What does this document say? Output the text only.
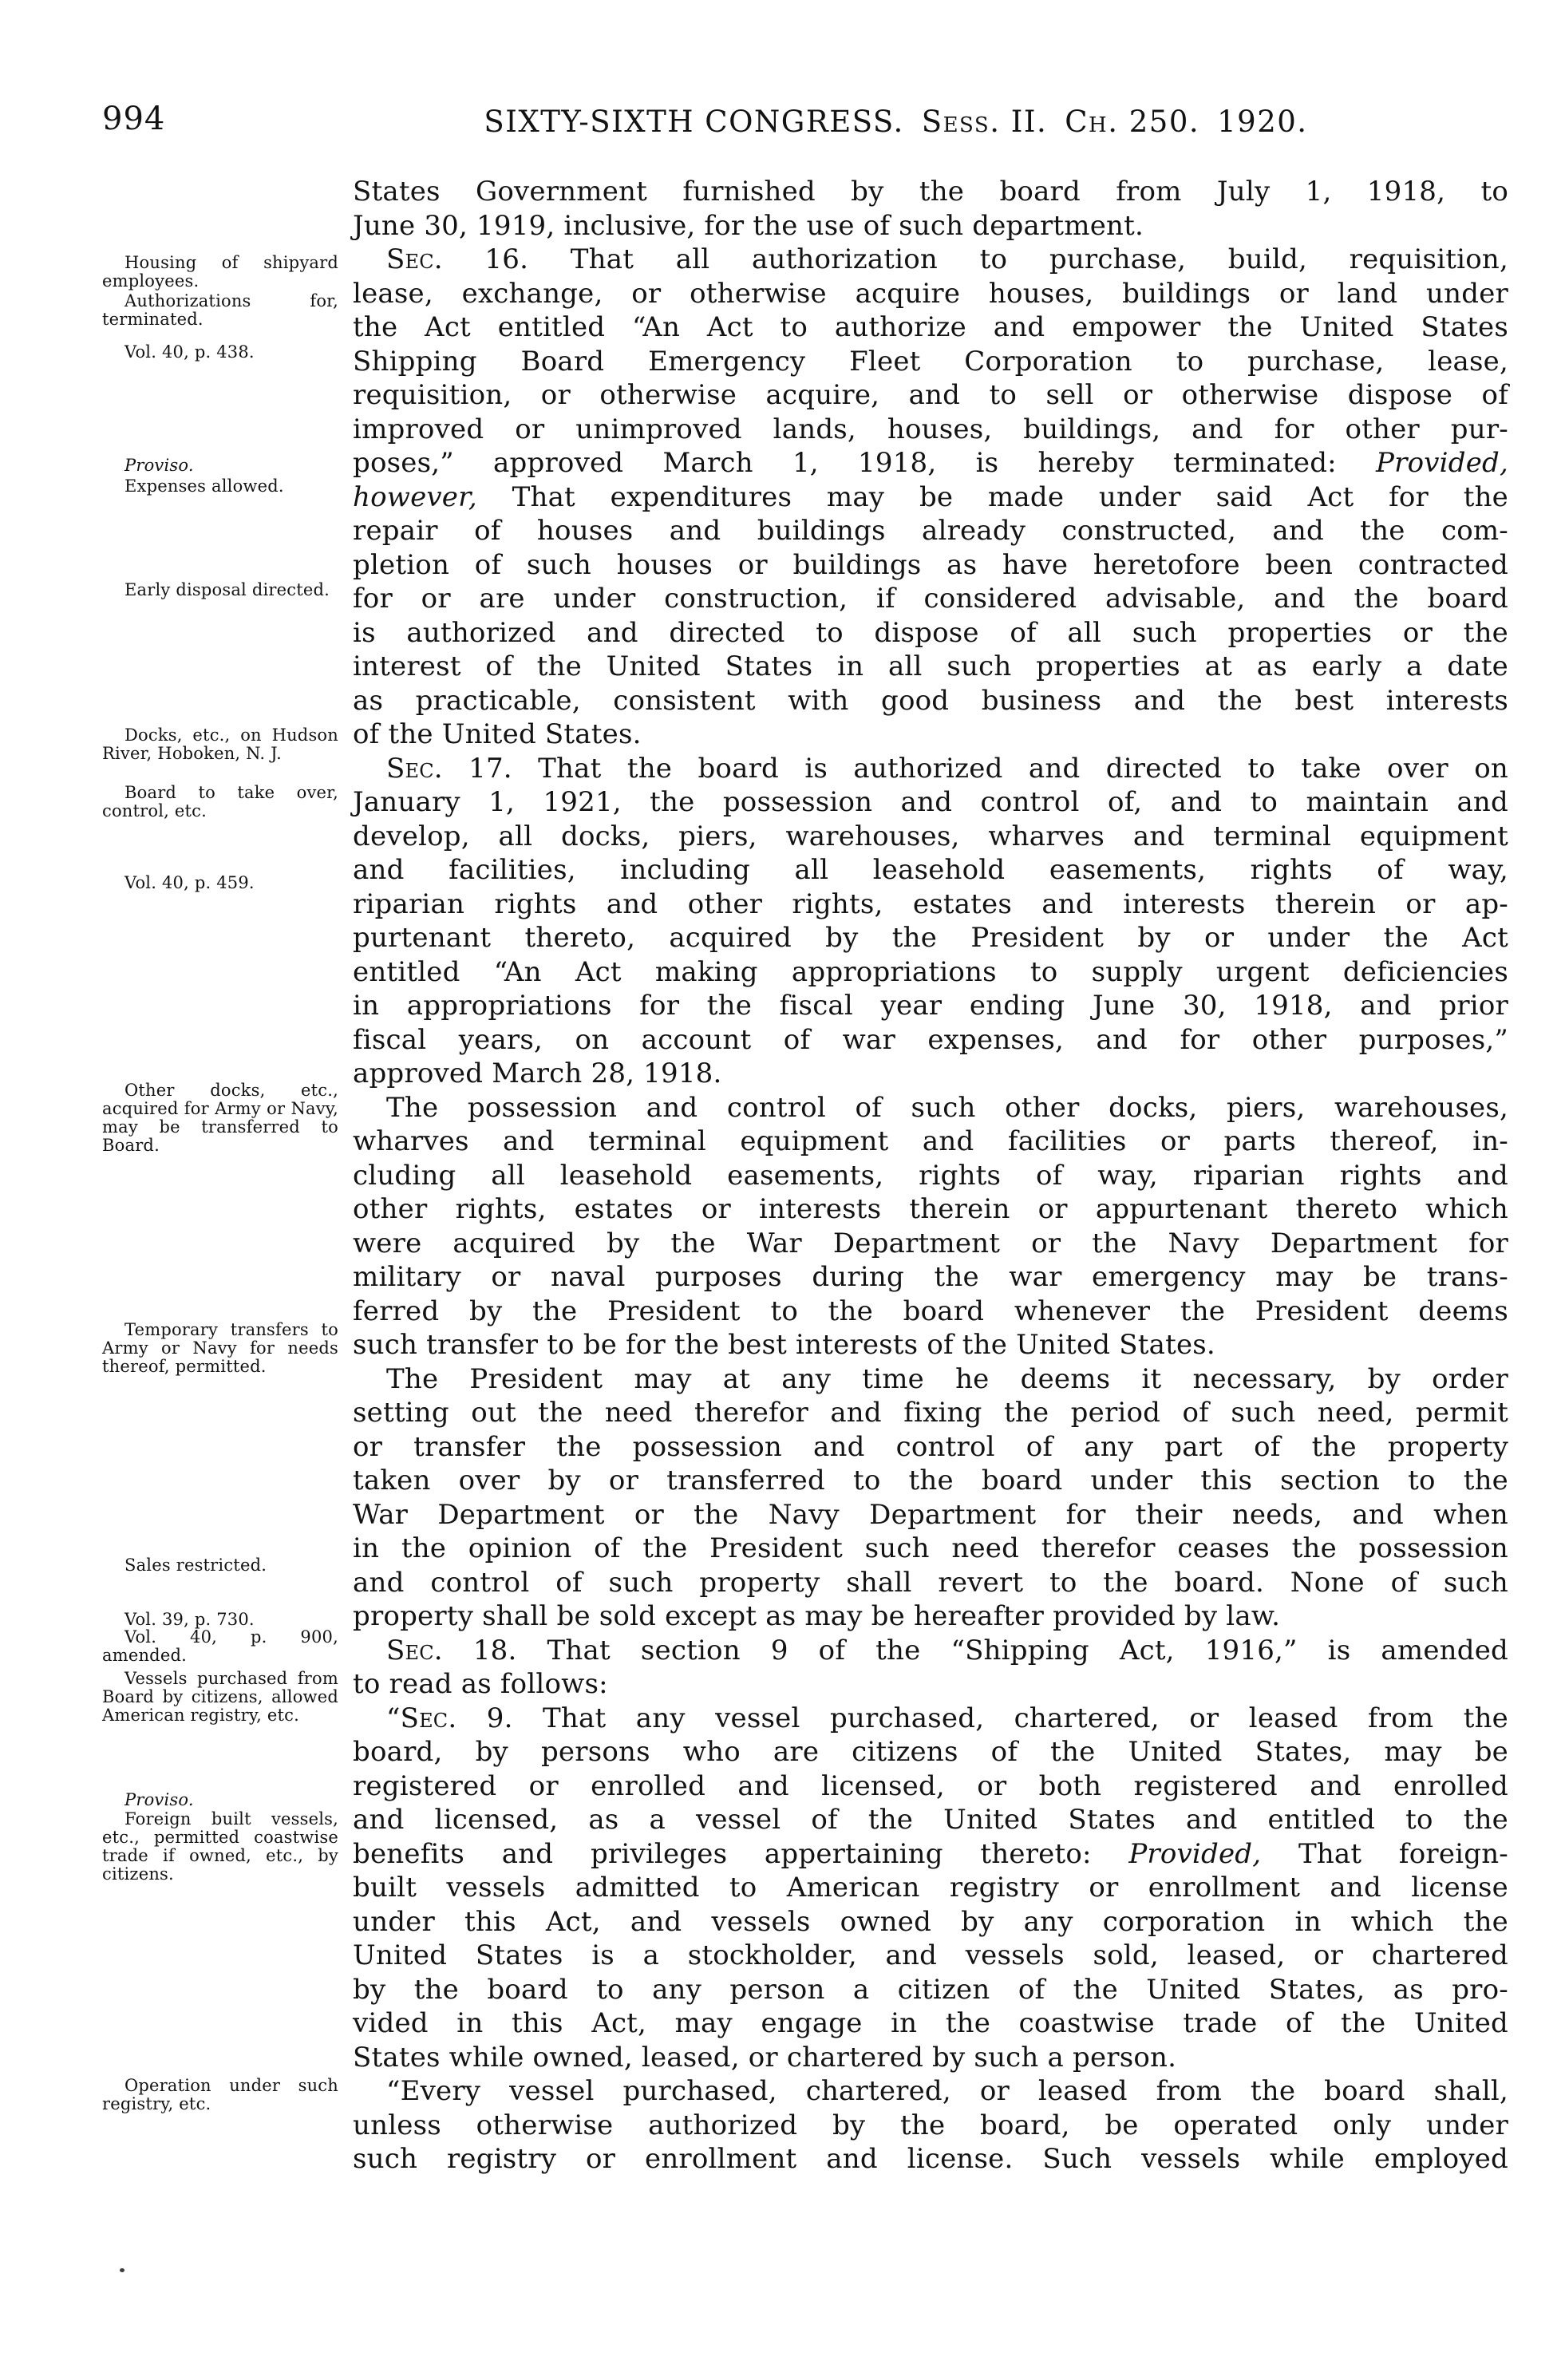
994	SIXTY-SIXTH CONGRESS. Sess. II. Ch. 250. 1920.
Housing of shipyard employees.
Authorizations for, terminated.
Vol. 40, p. 438.
Proviso.
Expenses allowed.
Early disposal directed.
Docks, etc., on Hudson River, Hoboken, N. J.
Board to take over, control, etc.
Vol. 40, p. 459.
Other docks, etc., acquired for Army or Navy, may be transferred to Board.
Temporary transfers to Army or Navy for needs thereof, permitted.
Sales restricted.
Vol. 39, p. 730.
Vol. 40, p. 900, amended.
Vessels purchased from Board by citizens, allowed American registry, etc.
Proviso.
Foreign built vessels, etc., permitted coastwise trade if owned, etc., by citizens.
Operation under such registry, etc.
States Government furnished by the board from July 1, 1918, to
June 30, 1919, inclusive, for the use of such department.
Sec. 16. That all authorization to purchase, build, requisition,
lease, exchange, or otherwise acquire houses, buildings or land under
the Act entitled “An Act to authorize and empower the United States
Shipping Board Emergency Fleet Corporation to purchase, lease,
requisition, or otherwise acquire, and to sell or otherwise dispose of
improved or unimproved lands, houses, buildings, and for other pur-
poses,” approved March 1, 1918, is hereby terminated: Provided,
however, That expenditures may be made under said Act for the
repair of houses and buildings already constructed, and the com-
pletion of such houses or buildings as have heretofore been contracted
for or are under construction, if considered advisable, and the board
is authorized and directed to dispose of all such properties or the
interest of the United States in all such properties at as early a date
as practicable, consistent with good business and the best interests
of the United States.
Sec. 17. That the board is authorized and directed to take over on
January 1, 1921, the possession and control of, and to maintain and
develop, all docks, piers, warehouses, wharves and terminal equipment
and facilities, including all leasehold easements, rights of way,
riparian rights and other rights, estates and interests therein or ap-
purtenant thereto, acquired by the President by or under the Act
entitled “An Act making appropriations to supply urgent deficiencies
in appropriations for the fiscal year ending June 30, 1918, and prior
fiscal years, on account of war expenses, and for other purposes,”
approved March 28, 1918.
The possession and control of such other docks, piers, warehouses,
wharves and terminal equipment and facilities or parts thereof, in-
cluding all leasehold easements, rights of way, riparian rights and
other rights, estates or interests therein or appurtenant thereto which
were acquired by the War Department or the Navy Department for
military or naval purposes during the war emergency may be trans-
ferred by the President to the board whenever the President deems
such transfer to be for the best interests of the United States.
The President may at any time he deems it necessary, by order
setting out the need therefor and fixing the period of such need, permit
or transfer the possession and control of any part of the property
taken over by or transferred to the board under this section to the
War Department or the Navy Department for their needs, and when
in the opinion of the President such need therefor ceases the possession
and control of such property shall revert to the board. None of such
property shall be sold except as may be hereafter provided by law.
Sec. 18. That section 9 of the “Shipping Act, 1916,” is amended
to read as follows:
“Sec. 9. That any vessel purchased, chartered, or leased from the
board, by persons who are citizens of the United States, may be
registered or enrolled and licensed, or both registered and enrolled
and licensed, as a vessel of the United States and entitled to the
benefits and privileges appertaining thereto: Provided, That foreign-
built vessels admitted to American registry or enrollment and license
under this Act, and vessels owned by any corporation in which the
United States is a stockholder, and vessels sold, leased, or chartered
by the board to any person a citizen of the United States, as pro-
vided in this Act, may engage in the coastwise trade of the United
States while owned, leased, or chartered by such a person.
“Every vessel purchased, chartered, or leased from the board shall,
unless otherwise authorized by the board, be operated only under
such registry or enrollment and license. Such vessels while employed
